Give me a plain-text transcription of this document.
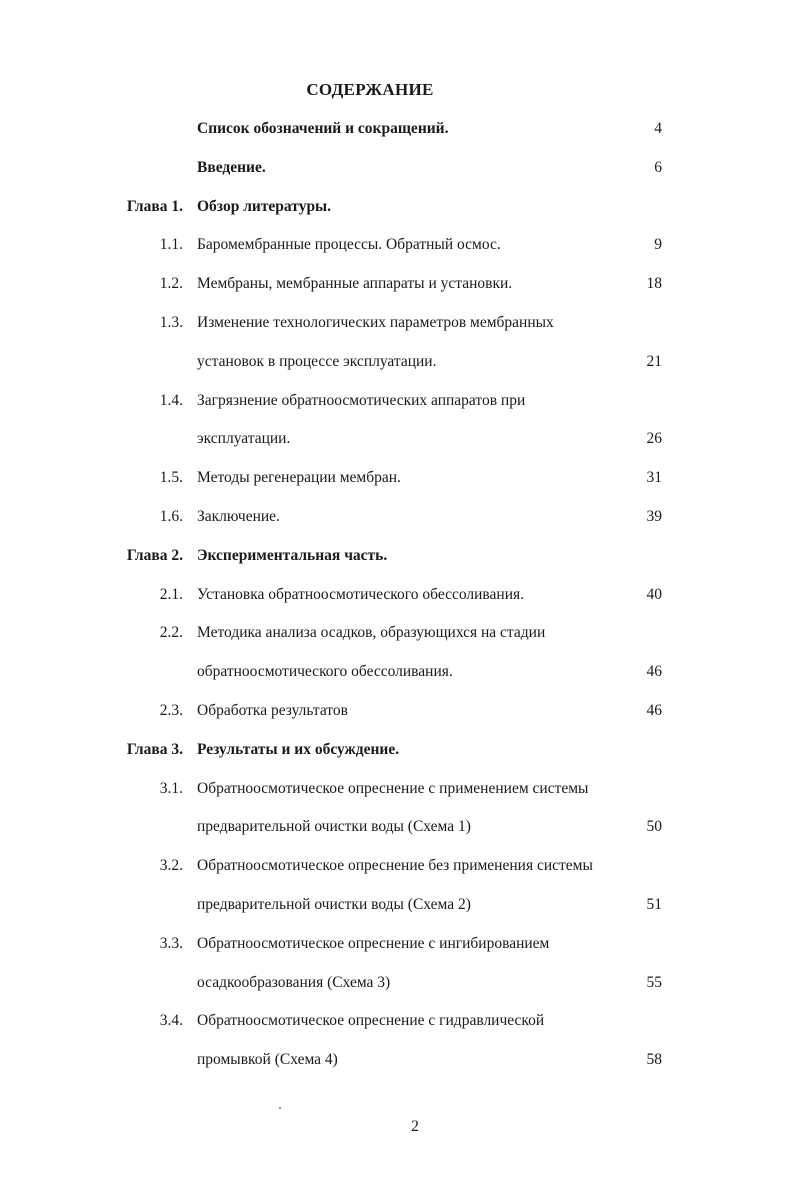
СОДЕРЖАНИЕ
Список обозначений и сокращений.	4
Введение.	6
Глава 1. Обзор литературы.
1.1. Баромембранные процессы. Обратный осмос.	9
1.2. Мембраны, мембранные аппараты и установки.	18
1.3. Изменение технологических параметров мембранных
установок в процессе эксплуатации.	21
1.4. Загрязнение обратноосмотических аппаратов при
эксплуатации.	26
1.5. Методы регенерации мембран.	31
1.6. Заключение.	39
Глава 2. Экспериментальная часть.
2.1. Установка обратноосмотического обессоливания.	40
2.2. Методика анализа осадков, образующихся на стадии
обратноосмотического обессоливания.	46
2.3. Обработка результатов	46
Глава 3. Результаты и их обсуждение.
3.1. Обратноосмотическое опреснение с применением системы
предварительной очистки воды (Схема 1)	50
3.2. Обратноосмотическое опреснение без применения системы
предварительной очистки воды (Схема 2)	51
3.3. Обратноосмотическое опреснение с ингибированием
осадкообразования (Схема 3)	55
3.4. Обратноосмотическое опреснение с гидравлической
промывкой (Схема 4)	58
2
